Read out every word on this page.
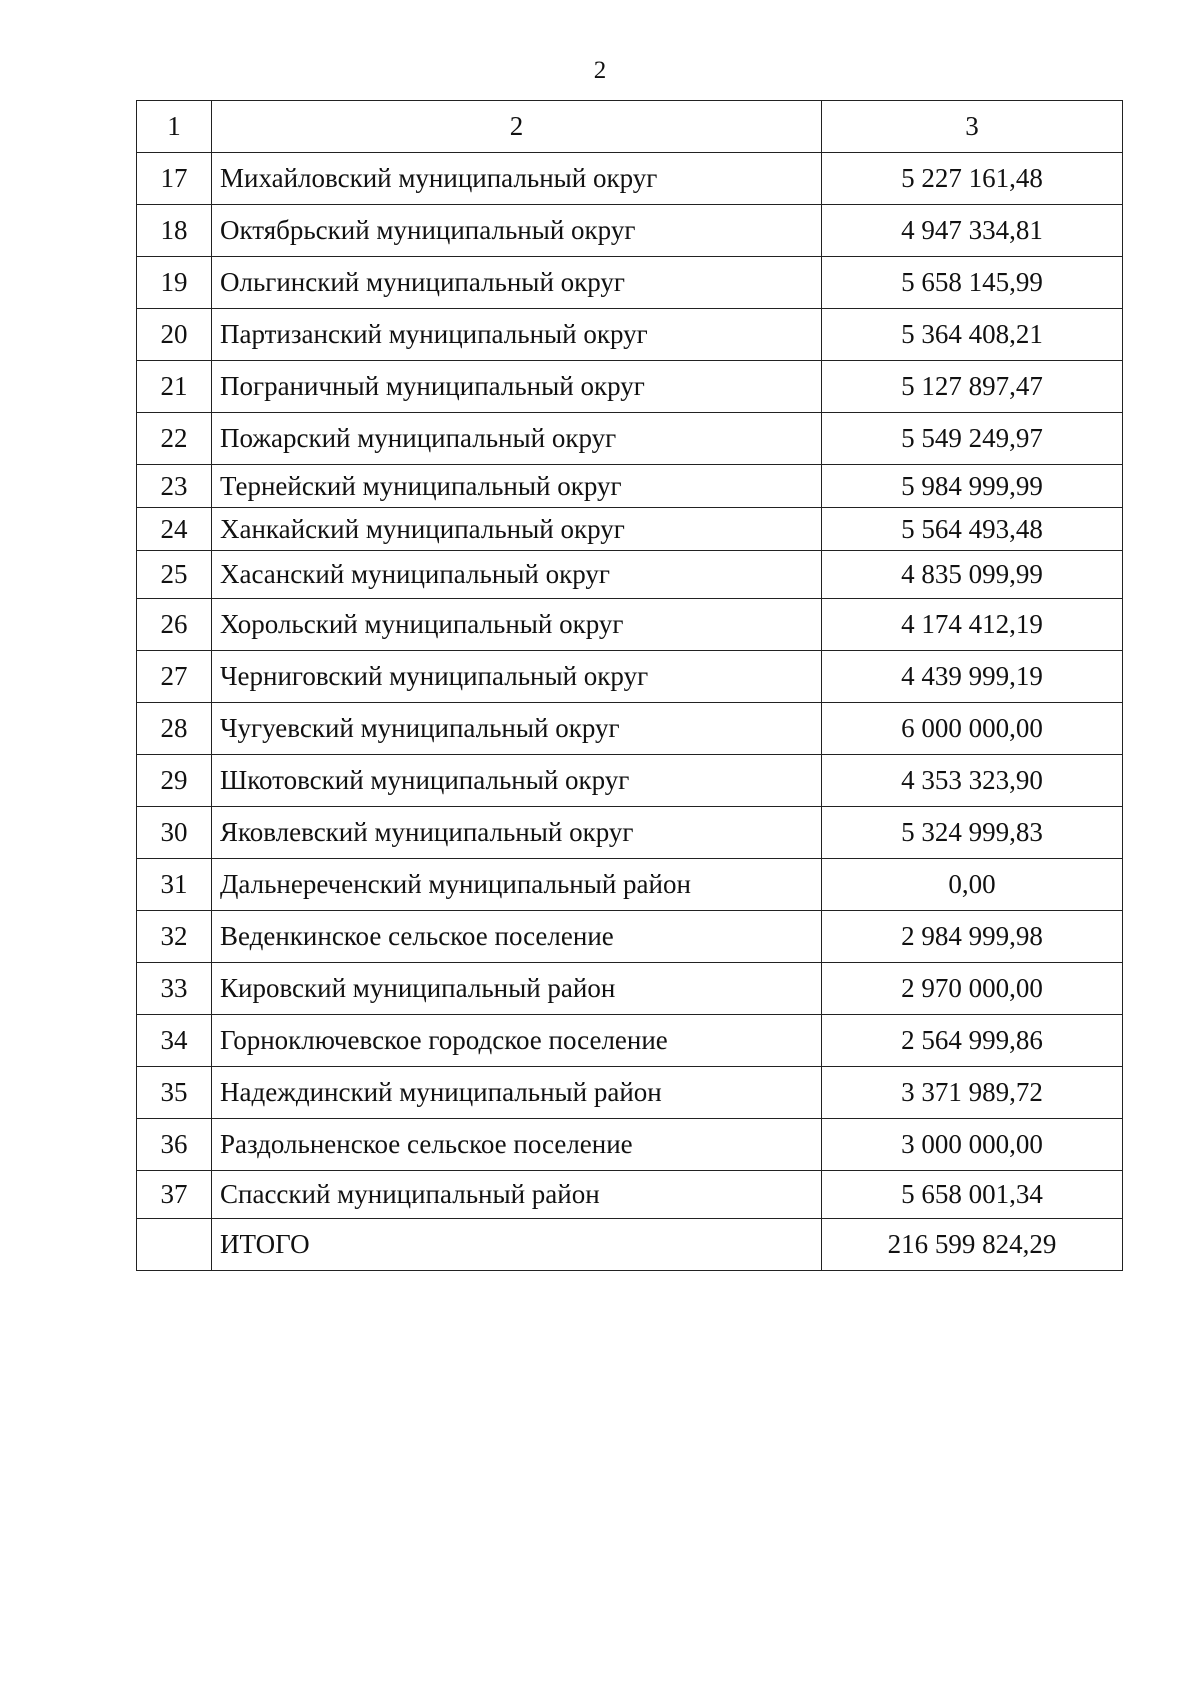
2
1	2	3
17	Михайловский муниципальный округ	5 227 161,48
18	Октябрьский муниципальный округ	4 947 334,81
19	Ольгинский муниципальный округ	5 658 145,99
20	Партизанский муниципальный округ	5 364 408,21
21	Пограничный муниципальный округ	5 127 897,47
22	Пожарский муниципальный округ	5 549 249,97
23	Тернейский муниципальный округ	5 984 999,99
24	Ханкайский муниципальный округ	5 564 493,48
25	Хасанский муниципальный округ	4 835 099,99
26	Хорольский муниципальный округ	4 174 412,19
27	Черниговский муниципальный округ	4 439 999,19
28	Чугуевский муниципальный округ	6 000 000,00
29	Шкотовский муниципальный округ	4 353 323,90
30	Яковлевский муниципальный округ	5 324 999,83
31	Дальнереченский муниципальный район	0,00
32	Веденкинское сельское поселение	2 984 999,98
33	Кировский муниципальный район	2 970 000,00
34	Горноключевское городское поселение	2 564 999,86
35	Надеждинский муниципальный район	3 371 989,72
36	Раздольненское сельское поселение	3 000 000,00
37	Спасский муниципальный район	5 658 001,34
	ИТОГО	216 599 824,29
